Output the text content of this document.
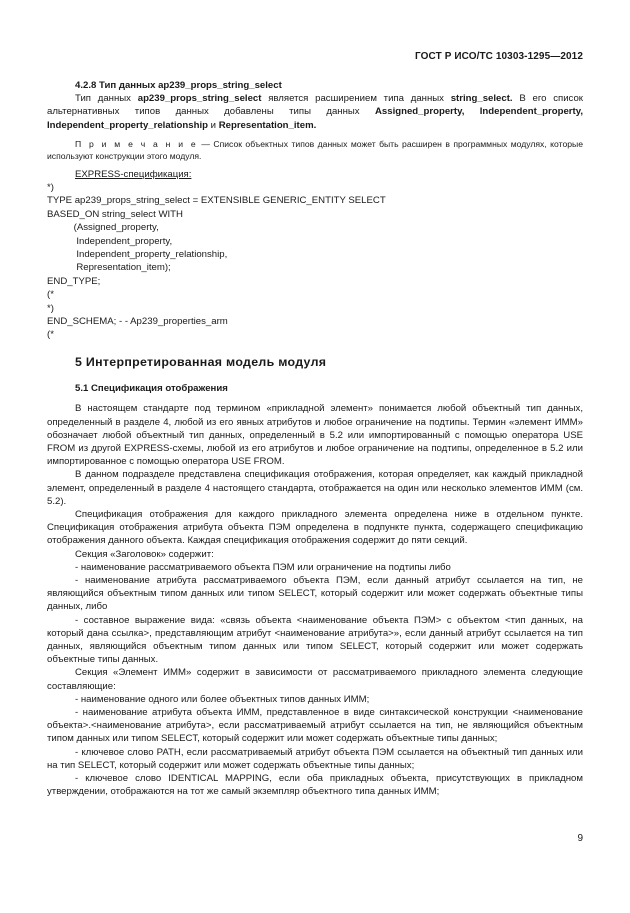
ГОСТ Р ИСО/ТС 10303-1295—2012

4.2.8 Тип данных ap239_props_string_select

Тип данных ap239_props_string_select является расширением типа данных string_select. В его список альтернативных типов данных добавлены типы данных Assigned_property, Independent_property, Independent_property_relationship и Representation_item.

П р и м е ч а н и е — Список объектных типов данных может быть расширен в программных модулях, которые используют конструкции этого модуля.

EXPRESS-спецификация:

*)
TYPE ap239_props_string_select = EXTENSIBLE GENERIC_ENTITY SELECT
BASED_ON string_select WITH
(Assigned_property,
Independent_property,
Independent_property_relationship,
Representation_item);
END_TYPE;
(*
*)
END_SCHEMA; - - Ap239_properties_arm
(*

5 Интерпретированная модель модуля

5.1 Спецификация отображения

В настоящем стандарте под термином «прикладной элемент» понимается любой объектный тип данных, определенный в разделе 4, любой из его явных атрибутов и любое ограничение на подтипы. Термин «элемент ИММ» обозначает любой объектный тип данных, определенный в 5.2 или импортированный с помощью оператора USE FROM из другой EXPRESS-схемы, любой из его атрибутов и любое ограничение на подтипы, определенное в 5.2 или импортированное с помощью оператора USE FROM.

В данном подразделе представлена спецификация отображения, которая определяет, как каждый прикладной элемент, определенный в разделе 4 настоящего стандарта, отображается на один или несколько элементов ИММ (см. 5.2).

Спецификация отображения для каждого прикладного элемента определена ниже в отдельном пункте. Спецификация отображения атрибута объекта ПЭМ определена в подпункте пункта, содержащего спецификацию отображения данного объекта. Каждая спецификация отображения содержит до пяти секций.

Секция «Заголовок» содержит:

- наименование рассматриваемого объекта ПЭМ или ограничение на подтипы либо

- наименование атрибута рассматриваемого объекта ПЭМ, если данный атрибут ссылается на тип, не являющийся объектным типом данных или типом SELECT, который содержит или может содержать объектные типы данных, либо

- составное выражение вида: «связь объекта <наименование объекта ПЭМ> с объектом <тип данных, на который дана ссылка>, представляющим атрибут <наименование атрибута>», если данный атрибут ссылается на тип данных, являющийся объектным типом данных или типом SELECT, который содержит или может содержать объектные типы данных.

Секция «Элемент ИММ» содержит в зависимости от рассматриваемого прикладного элемента следующие составляющие:

- наименование одного или более объектных типов данных ИММ;

- наименование атрибута объекта ИММ, представленное в виде синтаксической конструкции <наименование объекта>.<наименование атрибута>, если рассматриваемый атрибут ссылается на тип, не являющийся объектным типом данных или типом SELECT, который содержит или может содержать объектные типы данных;

- ключевое слово PATH, если рассматриваемый атрибут объекта ПЭМ ссылается на объектный тип данных или на тип SELECT, который содержит или может содержать объектные типы данных;

- ключевое слово IDENTICAL MAPPING, если оба прикладных объекта, присутствующих в прикладном утверждении, отображаются на тот же самый экземпляр объектного типа данных ИММ;

9
